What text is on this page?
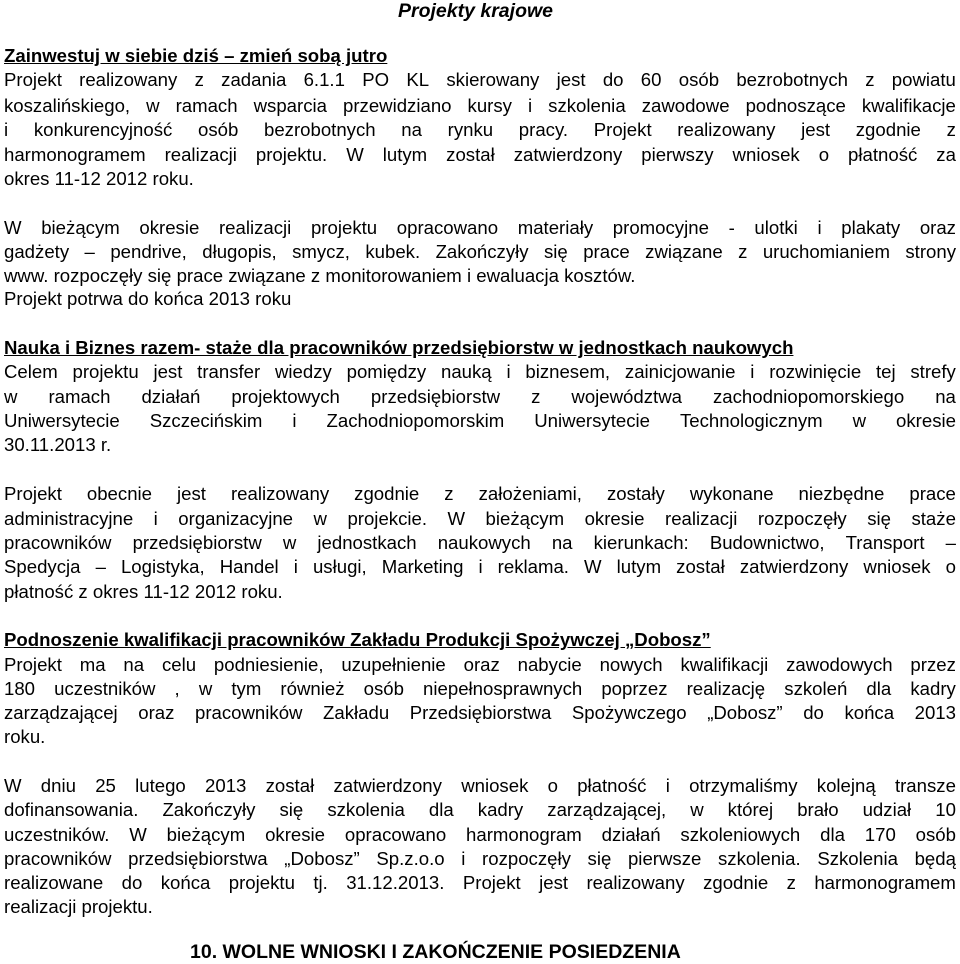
Projekty krajowe
Zainwestuj w siebie dziś – zmień sobą jutro
Projekt realizowany z zadania 6.1.1 PO KL skierowany jest do 60 osób bezrobotnych z powiatu
koszalińskiego, w ramach wsparcia przewidziano kursy i szkolenia zawodowe podnoszące kwalifikacje
i konkurencyjność osób bezrobotnych na rynku pracy. Projekt realizowany jest zgodnie z
harmonogramem realizacji projektu. W lutym został zatwierdzony pierwszy wniosek o płatność za
okres 11-12 2012 roku.
W bieżącym okresie realizacji projektu opracowano materiały promocyjne - ulotki i plakaty oraz
gadżety – pendrive, długopis, smycz, kubek. Zakończyły się prace związane z uruchomianiem strony
www. rozpoczęły się prace związane z monitorowaniem i ewaluacja kosztów.
Projekt potrwa do końca 2013 roku
Nauka i Biznes razem- staże dla pracowników przedsiębiorstw w jednostkach naukowych
Celem projektu jest transfer wiedzy pomiędzy nauką i biznesem, zainicjowanie i rozwinięcie tej strefy
w ramach działań projektowych przedsiębiorstw z województwa zachodniopomorskiego na
Uniwersytecie Szczecińskim i Zachodniopomorskim Uniwersytecie Technologicznym w okresie
30.11.2013 r.
Projekt obecnie jest realizowany zgodnie z założeniami, zostały wykonane niezbędne prace
administracyjne i organizacyjne w projekcie. W bieżącym okresie realizacji rozpoczęły się staże
pracowników przedsiębiorstw w jednostkach naukowych na kierunkach: Budownictwo, Transport –
Spedycja – Logistyka, Handel i usługi, Marketing i reklama. W lutym został zatwierdzony wniosek o
płatność z okres 11-12 2012 roku.
Podnoszenie kwalifikacji pracowników Zakładu Produkcji Spożywczej „Dobosz”
Projekt ma na celu podniesienie, uzupełnienie oraz nabycie nowych kwalifikacji zawodowych przez
180 uczestników , w tym również osób niepełnosprawnych poprzez realizację szkoleń dla kadry
zarządzającej oraz pracowników Zakładu Przedsiębiorstwa Spożywczego „Dobosz” do końca 2013
roku.
W dniu 25 lutego 2013 został zatwierdzony wniosek o płatność i otrzymaliśmy kolejną transze
dofinansowania. Zakończyły się szkolenia dla kadry zarządzającej, w której brało udział 10
uczestników. W bieżącym okresie opracowano harmonogram działań szkoleniowych dla 170 osób
pracowników przedsiębiorstwa „Dobosz” Sp.z.o.o i rozpoczęły się pierwsze szkolenia. Szkolenia będą
realizowane do końca projektu tj. 31.12.2013. Projekt jest realizowany zgodnie z harmonogramem
realizacji projektu.
10. WOLNE WNIOSKI I ZAKOŃCZENIE POSIEDZENIA
